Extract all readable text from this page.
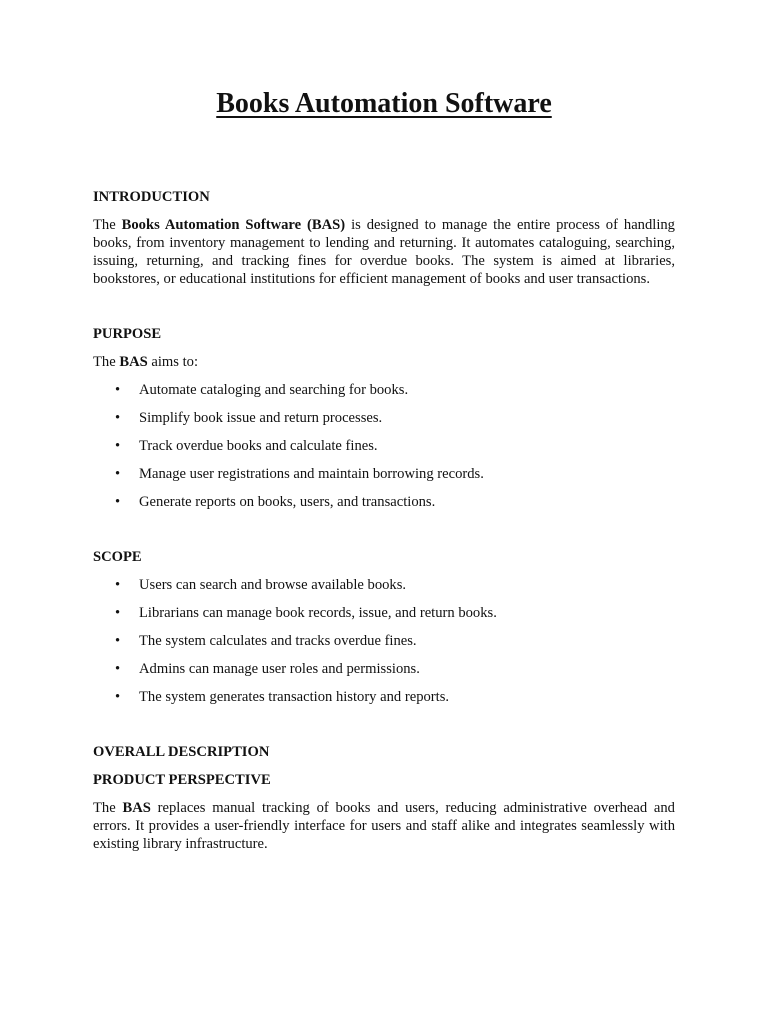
Books Automation Software

INTRODUCTION

The Books Automation Software (BAS) is designed to manage the entire process of handling books, from inventory management to lending and returning. It automates cataloguing, searching, issuing, returning, and tracking fines for overdue books. The system is aimed at libraries, bookstores, or educational institutions for efficient management of books and user transactions.

PURPOSE

The BAS aims to:

• Automate cataloging and searching for books.
• Simplify book issue and return processes.
• Track overdue books and calculate fines.
• Manage user registrations and maintain borrowing records.
• Generate reports on books, users, and transactions.

SCOPE

• Users can search and browse available books.
• Librarians can manage book records, issue, and return books.
• The system calculates and tracks overdue fines.
• Admins can manage user roles and permissions.
• The system generates transaction history and reports.

OVERALL DESCRIPTION

PRODUCT PERSPECTIVE

The BAS replaces manual tracking of books and users, reducing administrative overhead and errors. It provides a user-friendly interface for users and staff alike and integrates seamlessly with existing library infrastructure.
